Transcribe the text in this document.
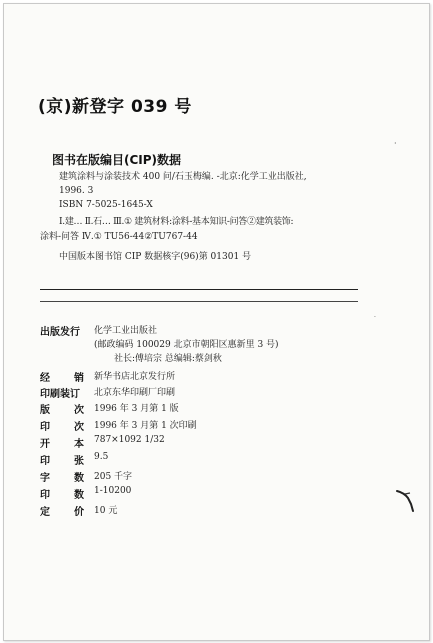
(京)新登字 039 号
图书在版编目(CIP)数据
建筑涂料与涂装技术 400 问/石玉梅编. -北京:化学工业出版社,
1996. 3
ISBN 7-5025-1645-X
Ⅰ.建… Ⅱ.石… Ⅲ.① 建筑材料:涂料-基本知识-问答②建筑装饰:
涂料-问答 Ⅳ.① TU56-44②TU767-44
中国版本图书馆 CIP 数据核字(96)第 01301 号
出版发行 化学工业出版社
(邮政编码 100029 北京市朝阳区惠新里 3 号)
社长:傅培宗 总编辑:蔡剑秋
经 销 新华书店北京发行所
印刷装订 北京东华印刷厂印刷
版 次 1996 年 3 月第 1 版
印 次 1996 年 3 月第 1 次印刷
开 本 787×1092 1/32
印 张 9.5
字 数 205 千字
印 数 1-10200
定 价 10 元
·
·
